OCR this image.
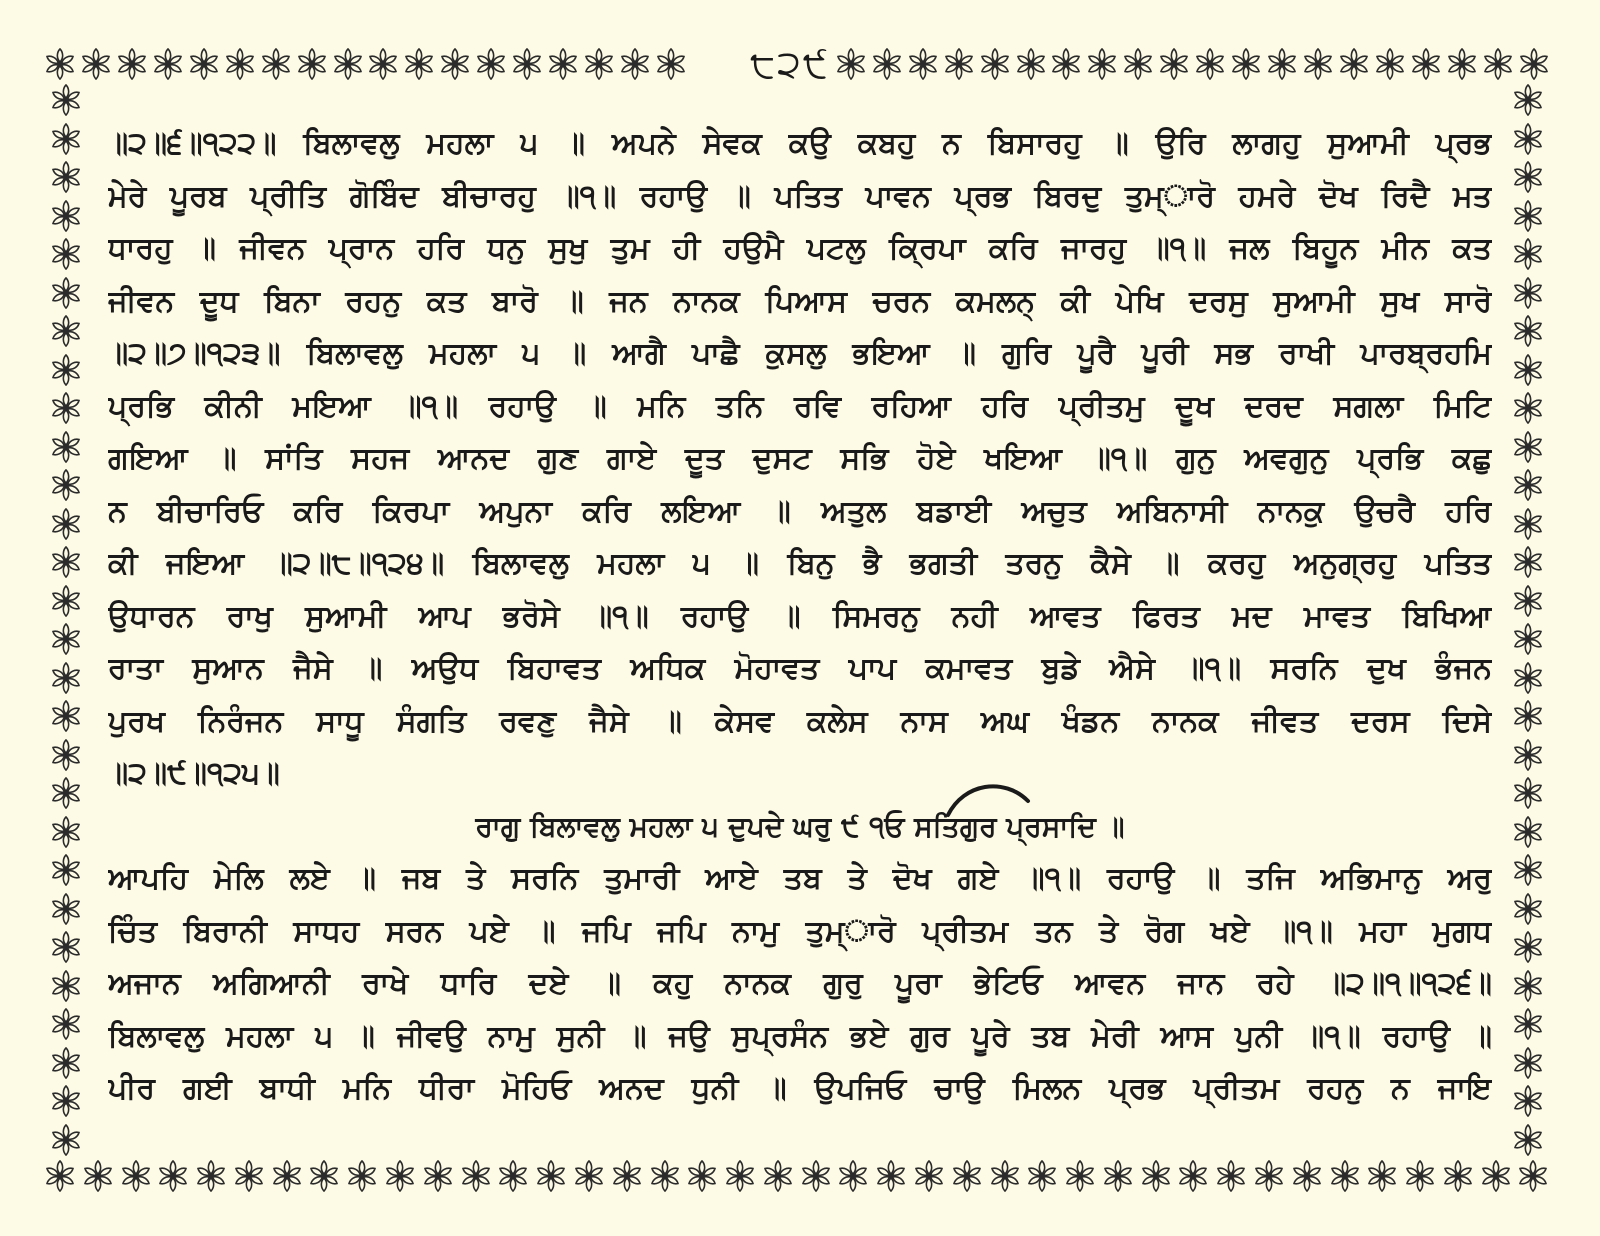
੮੨੯
॥੨॥੬॥੧੨੨॥ ਬਿਲਾਵਲੁ ਮਹਲਾ ੫ ॥ ਅਪਨੇ ਸੇਵਕ ਕਉ ਕਬਹੁ ਨ ਬਿਸਾਰਹੁ ॥ ਉਰਿ ਲਾਗਹੁ ਸੁਆਮੀ ਪ੍ਰਭ
ਮੇਰੇ ਪੂਰਬ ਪ੍ਰੀਤਿ ਗੋਬਿੰਦ ਬੀਚਾਰਹੁ ॥੧॥ ਰਹਾਉ ॥ ਪਤਿਤ ਪਾਵਨ ਪ੍ਰਭ ਬਿਰਦੁ ਤੁਮ੍ਾਰੋ ਹਮਰੇ ਦੋਖ ਰਿਦੈ ਮਤ
ਧਾਰਹੁ ॥ ਜੀਵਨ ਪ੍ਰਾਨ ਹਰਿ ਧਨੁ ਸੁਖੁ ਤੁਮ ਹੀ ਹਉਮੈ ਪਟਲੁ ਕ੍ਰਿਪਾ ਕਰਿ ਜਾਰਹੁ ॥੧॥ ਜਲ ਬਿਹੂਨ ਮੀਨ ਕਤ
ਜੀਵਨ ਦੂਧ ਬਿਨਾ ਰਹਨੁ ਕਤ ਬਾਰੋ ॥ ਜਨ ਨਾਨਕ ਪਿਆਸ ਚਰਨ ਕਮਲਨ੍ ਕੀ ਪੇਖਿ ਦਰਸੁ ਸੁਆਮੀ ਸੁਖ ਸਾਰੋ
॥੨॥੭॥੧੨੩॥ ਬਿਲਾਵਲੁ ਮਹਲਾ ੫ ॥ ਆਗੈ ਪਾਛੈ ਕੁਸਲੁ ਭਇਆ ॥ ਗੁਰਿ ਪੂਰੈ ਪੂਰੀ ਸਭ ਰਾਖੀ ਪਾਰਬ੍ਰਹਮਿ
ਪ੍ਰਭਿ ਕੀਨੀ ਮਇਆ ॥੧॥ ਰਹਾਉ ॥ ਮਨਿ ਤਨਿ ਰਵਿ ਰਹਿਆ ਹਰਿ ਪ੍ਰੀਤਮੁ ਦੂਖ ਦਰਦ ਸਗਲਾ ਮਿਟਿ
ਗਇਆ ॥ ਸਾਂਤਿ ਸਹਜ ਆਨਦ ਗੁਣ ਗਾਏ ਦੂਤ ਦੁਸਟ ਸਭਿ ਹੋਏ ਖਇਆ ॥੧॥ ਗੁਨੁ ਅਵਗੁਨੁ ਪ੍ਰਭਿ ਕਛੁ
ਨ ਬੀਚਾਰਿਓ ਕਰਿ ਕਿਰਪਾ ਅਪੁਨਾ ਕਰਿ ਲਇਆ ॥ ਅਤੁਲ ਬਡਾਈ ਅਚੁਤ ਅਬਿਨਾਸੀ ਨਾਨਕੁ ਉਚਰੈ ਹਰਿ
ਕੀ ਜਇਆ ॥੨॥੮॥੧੨੪॥ ਬਿਲਾਵਲੁ ਮਹਲਾ ੫ ॥ ਬਿਨੁ ਭੈ ਭਗਤੀ ਤਰਨੁ ਕੈਸੇ ॥ ਕਰਹੁ ਅਨੁਗ੍ਰਹੁ ਪਤਿਤ
ਉਧਾਰਨ ਰਾਖੁ ਸੁਆਮੀ ਆਪ ਭਰੋਸੇ ॥੧॥ ਰਹਾਉ ॥ ਸਿਮਰਨੁ ਨਹੀ ਆਵਤ ਫਿਰਤ ਮਦ ਮਾਵਤ ਬਿਖਿਆ
ਰਾਤਾ ਸੁਆਨ ਜੈਸੇ ॥ ਅਉਧ ਬਿਹਾਵਤ ਅਧਿਕ ਮੋਹਾਵਤ ਪਾਪ ਕਮਾਵਤ ਬੁਡੇ ਐਸੇ ॥੧॥ ਸਰਨਿ ਦੁਖ ਭੰਜਨ
ਪੁਰਖ ਨਿਰੰਜਨ ਸਾਧੂ ਸੰਗਤਿ ਰਵਣੁ ਜੈਸੇ ॥ ਕੇਸਵ ਕਲੇਸ ਨਾਸ ਅਘ ਖੰਡਨ ਨਾਨਕ ਜੀਵਤ ਦਰਸ ਦਿਸੇ
॥੨॥੯॥੧੨੫॥
ਰਾਗੁ ਬਿਲਾਵਲੁ ਮਹਲਾ ੫ ਦੁਪਦੇ ਘਰੁ ੯ ੧ਓ ਸਤਿਗੁਰ ਪ੍ਰਸਾਦਿ ॥
ਆਪਹਿ ਮੇਲਿ ਲਏ ॥ ਜਬ ਤੇ ਸਰਨਿ ਤੁਮਾਰੀ ਆਏ ਤਬ ਤੇ ਦੋਖ ਗਏ ॥੧॥ ਰਹਾਉ ॥ ਤਜਿ ਅਭਿਮਾਨੁ ਅਰੁ
ਚਿੰਤ ਬਿਰਾਨੀ ਸਾਧਹ ਸਰਨ ਪਏ ॥ ਜਪਿ ਜਪਿ ਨਾਮੁ ਤੁਮ੍ਾਰੋ ਪ੍ਰੀਤਮ ਤਨ ਤੇ ਰੋਗ ਖਏ ॥੧॥ ਮਹਾ ਮੁਗਧ
ਅਜਾਨ ਅਗਿਆਨੀ ਰਾਖੇ ਧਾਰਿ ਦਏ ॥ ਕਹੁ ਨਾਨਕ ਗੁਰੁ ਪੂਰਾ ਭੇਟਿਓ ਆਵਨ ਜਾਨ ਰਹੇ ॥੨॥੧॥੧੨੬॥
ਬਿਲਾਵਲੁ ਮਹਲਾ ੫ ॥ ਜੀਵਉ ਨਾਮੁ ਸੁਨੀ ॥ ਜਉ ਸੁਪ੍ਰਸੰਨ ਭਏ ਗੁਰ ਪੂਰੇ ਤਬ ਮੇਰੀ ਆਸ ਪੁਨੀ ॥੧॥ ਰਹਾਉ ॥
ਪੀਰ ਗਈ ਬਾਧੀ ਮਨਿ ਧੀਰਾ ਮੋਹਿਓ ਅਨਦ ਧੁਨੀ ॥ ਉਪਜਿਓ ਚਾਉ ਮਿਲਨ ਪ੍ਰਭ ਪ੍ਰੀਤਮ ਰਹਨੁ ਨ ਜਾਇ
